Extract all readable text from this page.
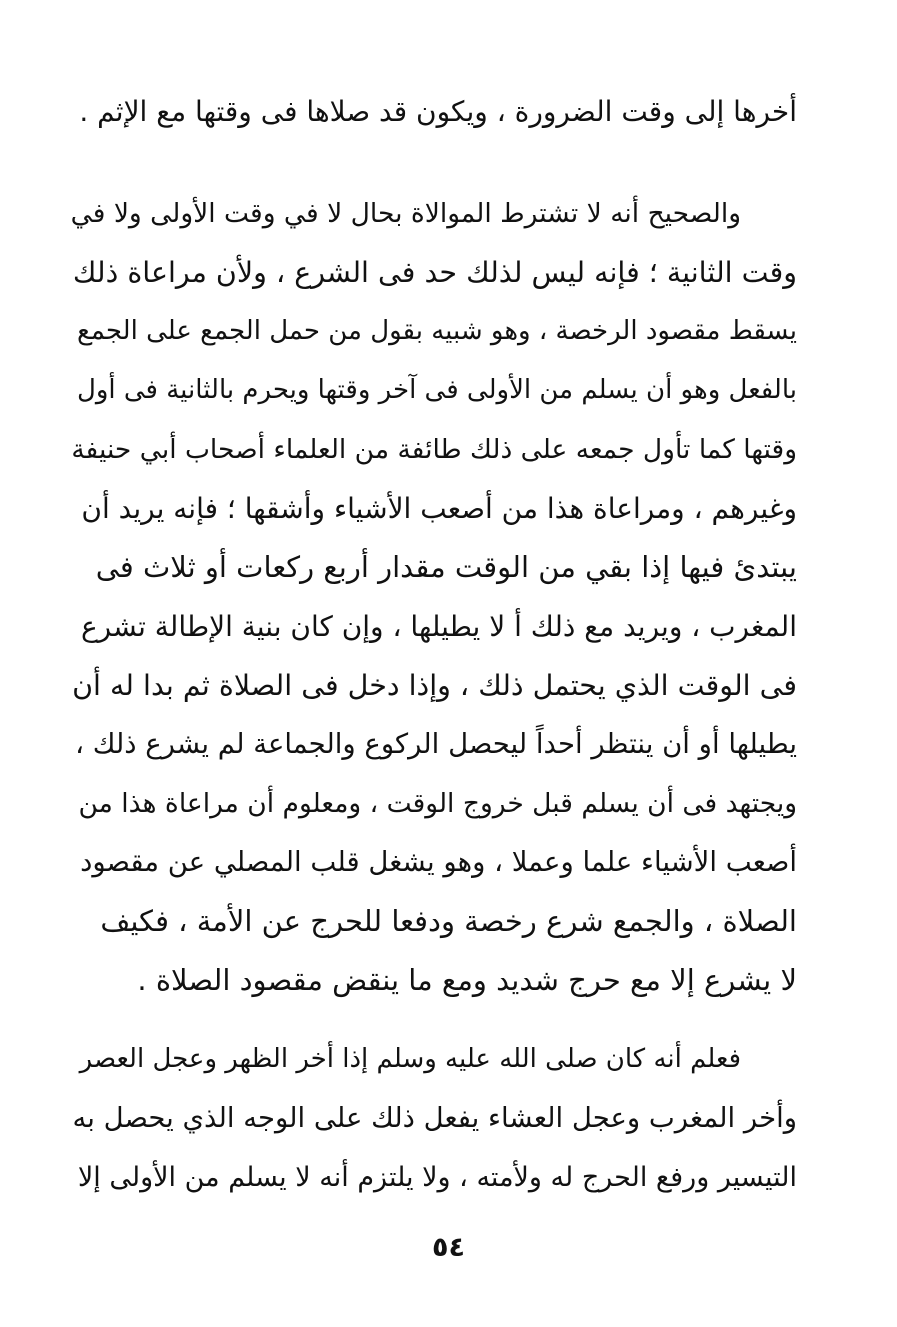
أخرها إلى وقت الضرورة ، ويكون قد صلاها فى وقتها مع الإثم .
والصحيح أنه لا تشترط الموالاة بحال لا في وقت الأولى ولا في
وقت الثانية ؛ فإنه ليس لذلك حد فى الشرع ، ولأن مراعاة ذلك
يسقط مقصود الرخصة ، وهو شبيه بقول من حمل الجمع على الجمع
بالفعل وهو أن يسلم من الأولى فى آخر وقتها ويحرم بالثانية فى أول
وقتها كما تأول جمعه على ذلك طائفة من العلماء أصحاب أبي حنيفة
وغيرهم ، ومراعاة هذا من أصعب الأشياء وأشقها ؛ فإنه يريد أن
يبتدئ فيها إذا بقي من الوقت مقدار أربع ركعات أو ثلاث فى
المغرب ، ويريد مع ذلك أ لا يطيلها ، وإن كان بنية الإطالة تشرع
فى الوقت الذي يحتمل ذلك ، وإذا دخل فى الصلاة ثم بدا له أن
يطيلها أو أن ينتظر أحداً ليحصل الركوع والجماعة لم يشرع ذلك ،
ويجتهد فى أن يسلم قبل خروج الوقت ، ومعلوم أن مراعاة هذا من
أصعب الأشياء علما وعملا ، وهو يشغل قلب المصلي عن مقصود
الصلاة ، والجمع شرع رخصة ودفعا للحرج عن الأمة ، فكيف
لا يشرع إلا مع حرج شديد ومع ما ينقض مقصود الصلاة .
فعلم أنه كان صلى الله عليه وسلم إذا أخر الظهر وعجل العصر
وأخر المغرب وعجل العشاء يفعل ذلك على الوجه الذي يحصل به
التيسير ورفع الحرج له ولأمته ، ولا يلتزم أنه لا يسلم من الأولى إلا
٥٤
